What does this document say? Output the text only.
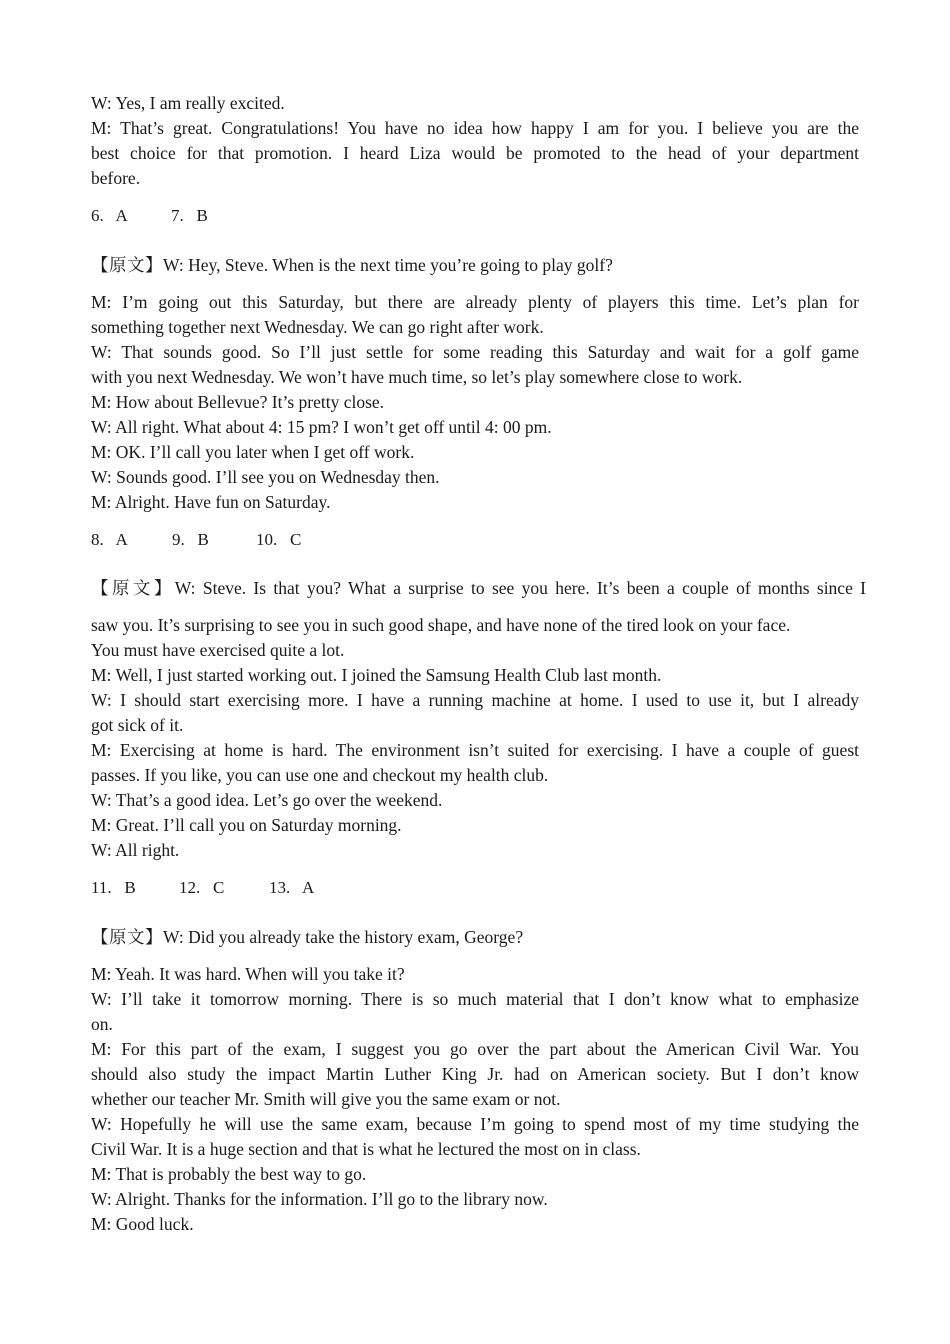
W: Yes, I am really excited.
M: That’s great. Congratulations! You have no idea how happy I am for you. I believe you are the
best choice for that promotion. I heard Liza would be promoted to the head of your department
before.
6.   A	7.   B
【原文】W: Hey, Steve. When is the next time you’re going to play golf?
M: I’m going out this Saturday, but there are already plenty of players this time. Let’s plan for
something together next Wednesday. We can go right after work.
W: That sounds good. So I’ll just settle for some reading this Saturday and wait for a golf game
with you next Wednesday. We won’t have much time, so let’s play somewhere close to work.
M: How about Bellevue? It’s pretty close.
W: All right. What about 4: 15 pm? I won’t get off until 4: 00 pm.
M: OK. I’ll call you later when I get off work.
W: Sounds good. I’ll see you on Wednesday then.
M: Alright. Have fun on Saturday.
8.   A	9.   B	10.   C
【原文】W: Steve. Is that you? What a surprise to see you here. It’s been a couple of months since I
saw you. It’s surprising to see you in such good shape, and have none of the tired look on your face.
You must have exercised quite a lot.
M: Well, I just started working out. I joined the Samsung Health Club last month.
W: I should start exercising more. I have a running machine at home. I used to use it, but I already
got sick of it.
M: Exercising at home is hard. The environment isn’t suited for exercising. I have a couple of guest
passes. If you like, you can use one and checkout my health club.
W: That’s a good idea. Let’s go over the weekend.
M: Great. I’ll call you on Saturday morning.
W: All right.
11.   B	12.   C	13.   A
【原文】W: Did you already take the history exam, George?
M: Yeah. It was hard. When will you take it?
W: I’ll take it tomorrow morning. There is so much material that I don’t know what to emphasize
on.
M: For this part of the exam, I suggest you go over the part about the American Civil War. You
should also study the impact Martin Luther King Jr. had on American society. But I don’t know
whether our teacher Mr. Smith will give you the same exam or not.
W: Hopefully he will use the same exam, because I’m going to spend most of my time studying the
Civil War. It is a huge section and that is what he lectured the most on in class.
M: That is probably the best way to go.
W: Alright. Thanks for the information. I’ll go to the library now.
M: Good luck.
